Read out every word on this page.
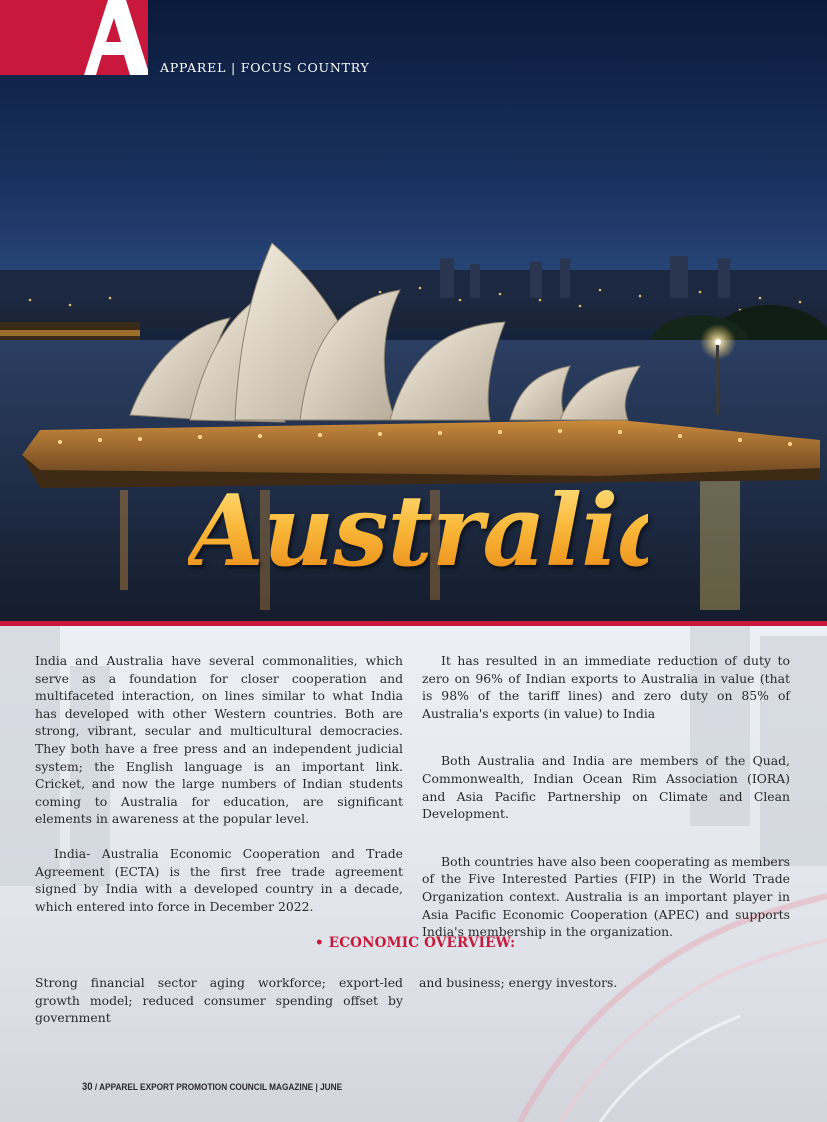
APPAREL | FOCUS COUNTRY
Australia

India and Australia have several commonalities, which serve as a foundation for closer cooperation and multifaceted interaction, on lines similar to what India has developed with other Western countries. Both are strong, vibrant, secular and multicultural democracies. They both have a free press and an independent judicial system; the English language is an important link. Cricket, and now the large numbers of Indian students coming to Australia for education, are significant elements in awareness at the popular level.

India- Australia Economic Cooperation and Trade Agreement (ECTA) is the first free trade agreement signed by India with a developed country in a decade, which entered into force in December 2022.

It has resulted in an immediate reduction of duty to zero on 96% of Indian exports to Australia in value (that is 98% of the tariff lines) and zero duty on 85% of Australia's exports (in value) to India

Both Australia and India are members of the Quad, Commonwealth, Indian Ocean Rim Association (IORA) and Asia Pacific Partnership on Climate and Clean Development.

Both countries have also been cooperating as members of the Five Interested Parties (FIP) in the World Trade Organization context. Australia is an important player in Asia Pacific Economic Cooperation (APEC) and supports India's membership in the organization.

• ECONOMIC OVERVIEW:

Strong financial sector aging workforce; export-led growth model; reduced consumer spending offset by government

and business; energy investors.

30 / APPAREL EXPORT PROMOTION COUNCIL MAGAZINE | JUNE
